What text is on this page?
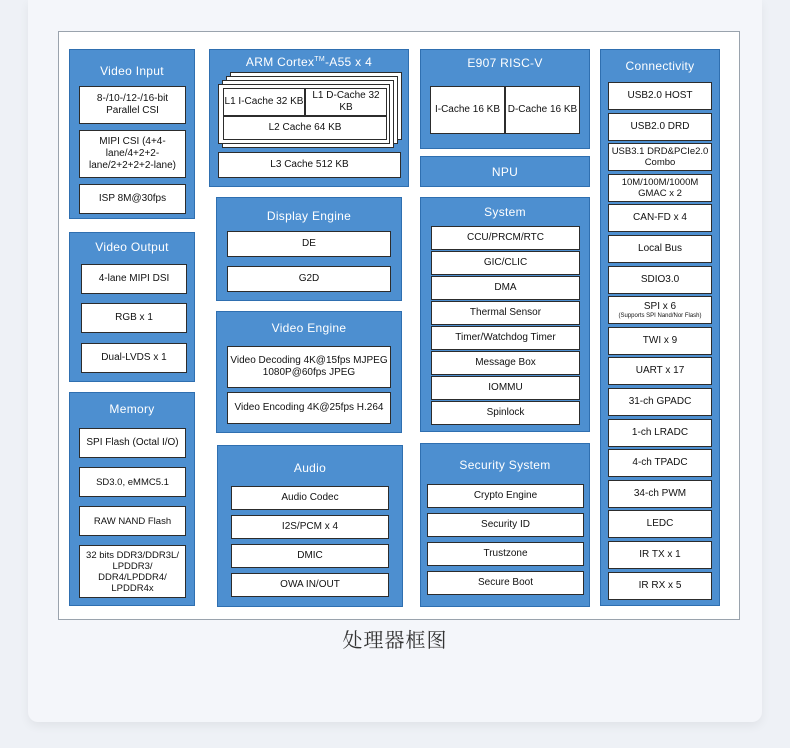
Video Input
8-/10-/12-/16-bit Parallel CSI
MIPI CSI (4+4-lane/4+2+2-lane/2+2+2+2-lane)
ISP 8M@30fps
Video Output
4-lane MIPI DSI
RGB x 1
Dual-LVDS x 1
Memory
SPI Flash (Octal I/O)
SD3.0, eMMC5.1
RAW NAND Flash
32 bits DDR3/DDR3L/ LPDDR3/ DDR4/LPDDR4/ LPDDR4x
ARM Cortex™-A55 x 4
L1 I-Cache 32 KB
L1 D-Cache 32 KB
L2 Cache 64 KB
L3 Cache 512 KB
Display Engine
DE
G2D
Video Engine
Video Decoding 4K@15fps MJPEG 1080P@60fps JPEG
Video Encoding 4K@25fps H.264
Audio
Audio Codec
I2S/PCM x 4
DMIC
OWA IN/OUT
E907 RISC-V
I-Cache 16 KB D-Cache 16 KB
NPU
System
CCU/PRCM/RTC
GIC/CLIC
DMA
Thermal Sensor
Timer/Watchdog Timer
Message Box
IOMMU
Spinlock
Security System
Crypto Engine
Security ID
Trustzone
Secure Boot
Connectivity
USB2.0 HOST
USB2.0 DRD
USB3.1 DRD&PCIe2.0 Combo
10M/100M/1000M GMAC x 2
CAN-FD x 4
Local Bus
SDIO3.0
SPI x 6
(Supports SPI Nand/Nor Flash)
TWI x 9
UART x 17
31-ch GPADC
1-ch LRADC
4-ch TPADC
34-ch PWM
LEDC
IR TX x 1
IR RX x 5
处理器框图
